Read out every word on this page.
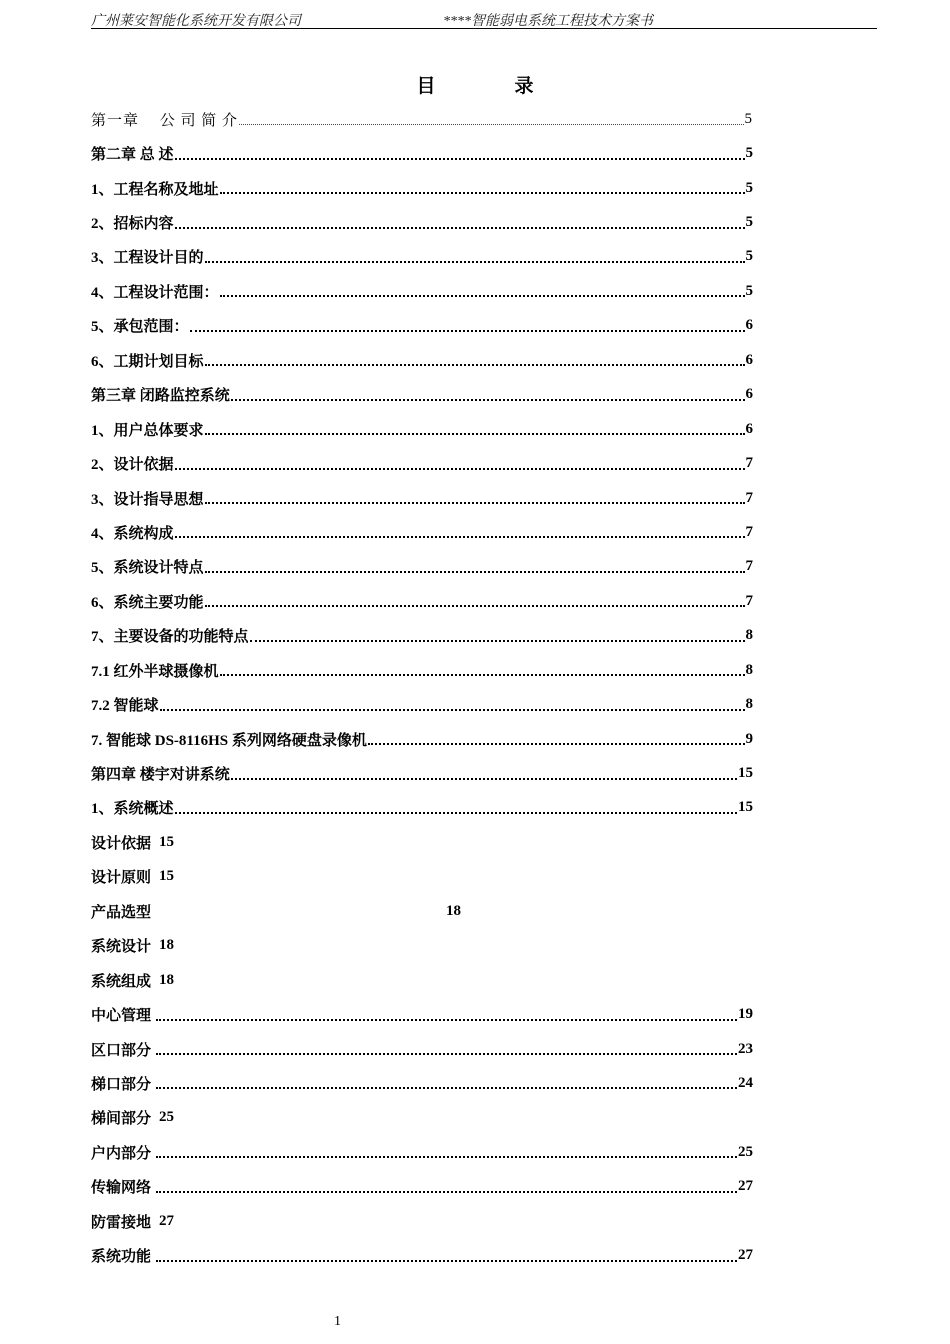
广州莱安智能化系统开发有限公司	****智能弱电系统工程技术方案书
目　录
第一章　 公 司 简 介	5
第二章 总 述	5
1、工程名称及地址	5
2、招标内容	5
3、工程设计目的	5
4、工程设计范围：	5
5、承包范围：	6
6、工期计划目标	6
第三章 闭路监控系统	6
1、用户总体要求	6
2、设计依据	7
3、设计指导思想	7
4、系统构成	7
5、系统设计特点	7
6、系统主要功能	7
7、主要设备的功能特点	8
7.1 红外半球摄像机	8
7.2 智能球	8
7. 智能球 DS-8116HS 系列网络硬盘录像机	9
第四章 楼宇对讲系统	15
1、系统概述	15
设计依据 15
设计原则 15
产品选型	18
系统设计 18
系统组成 18
中心管理	19
区口部分	23
梯口部分	24
梯间部分 25
户内部分	25
传输网络	27
防雷接地 27
系统功能	27
1
